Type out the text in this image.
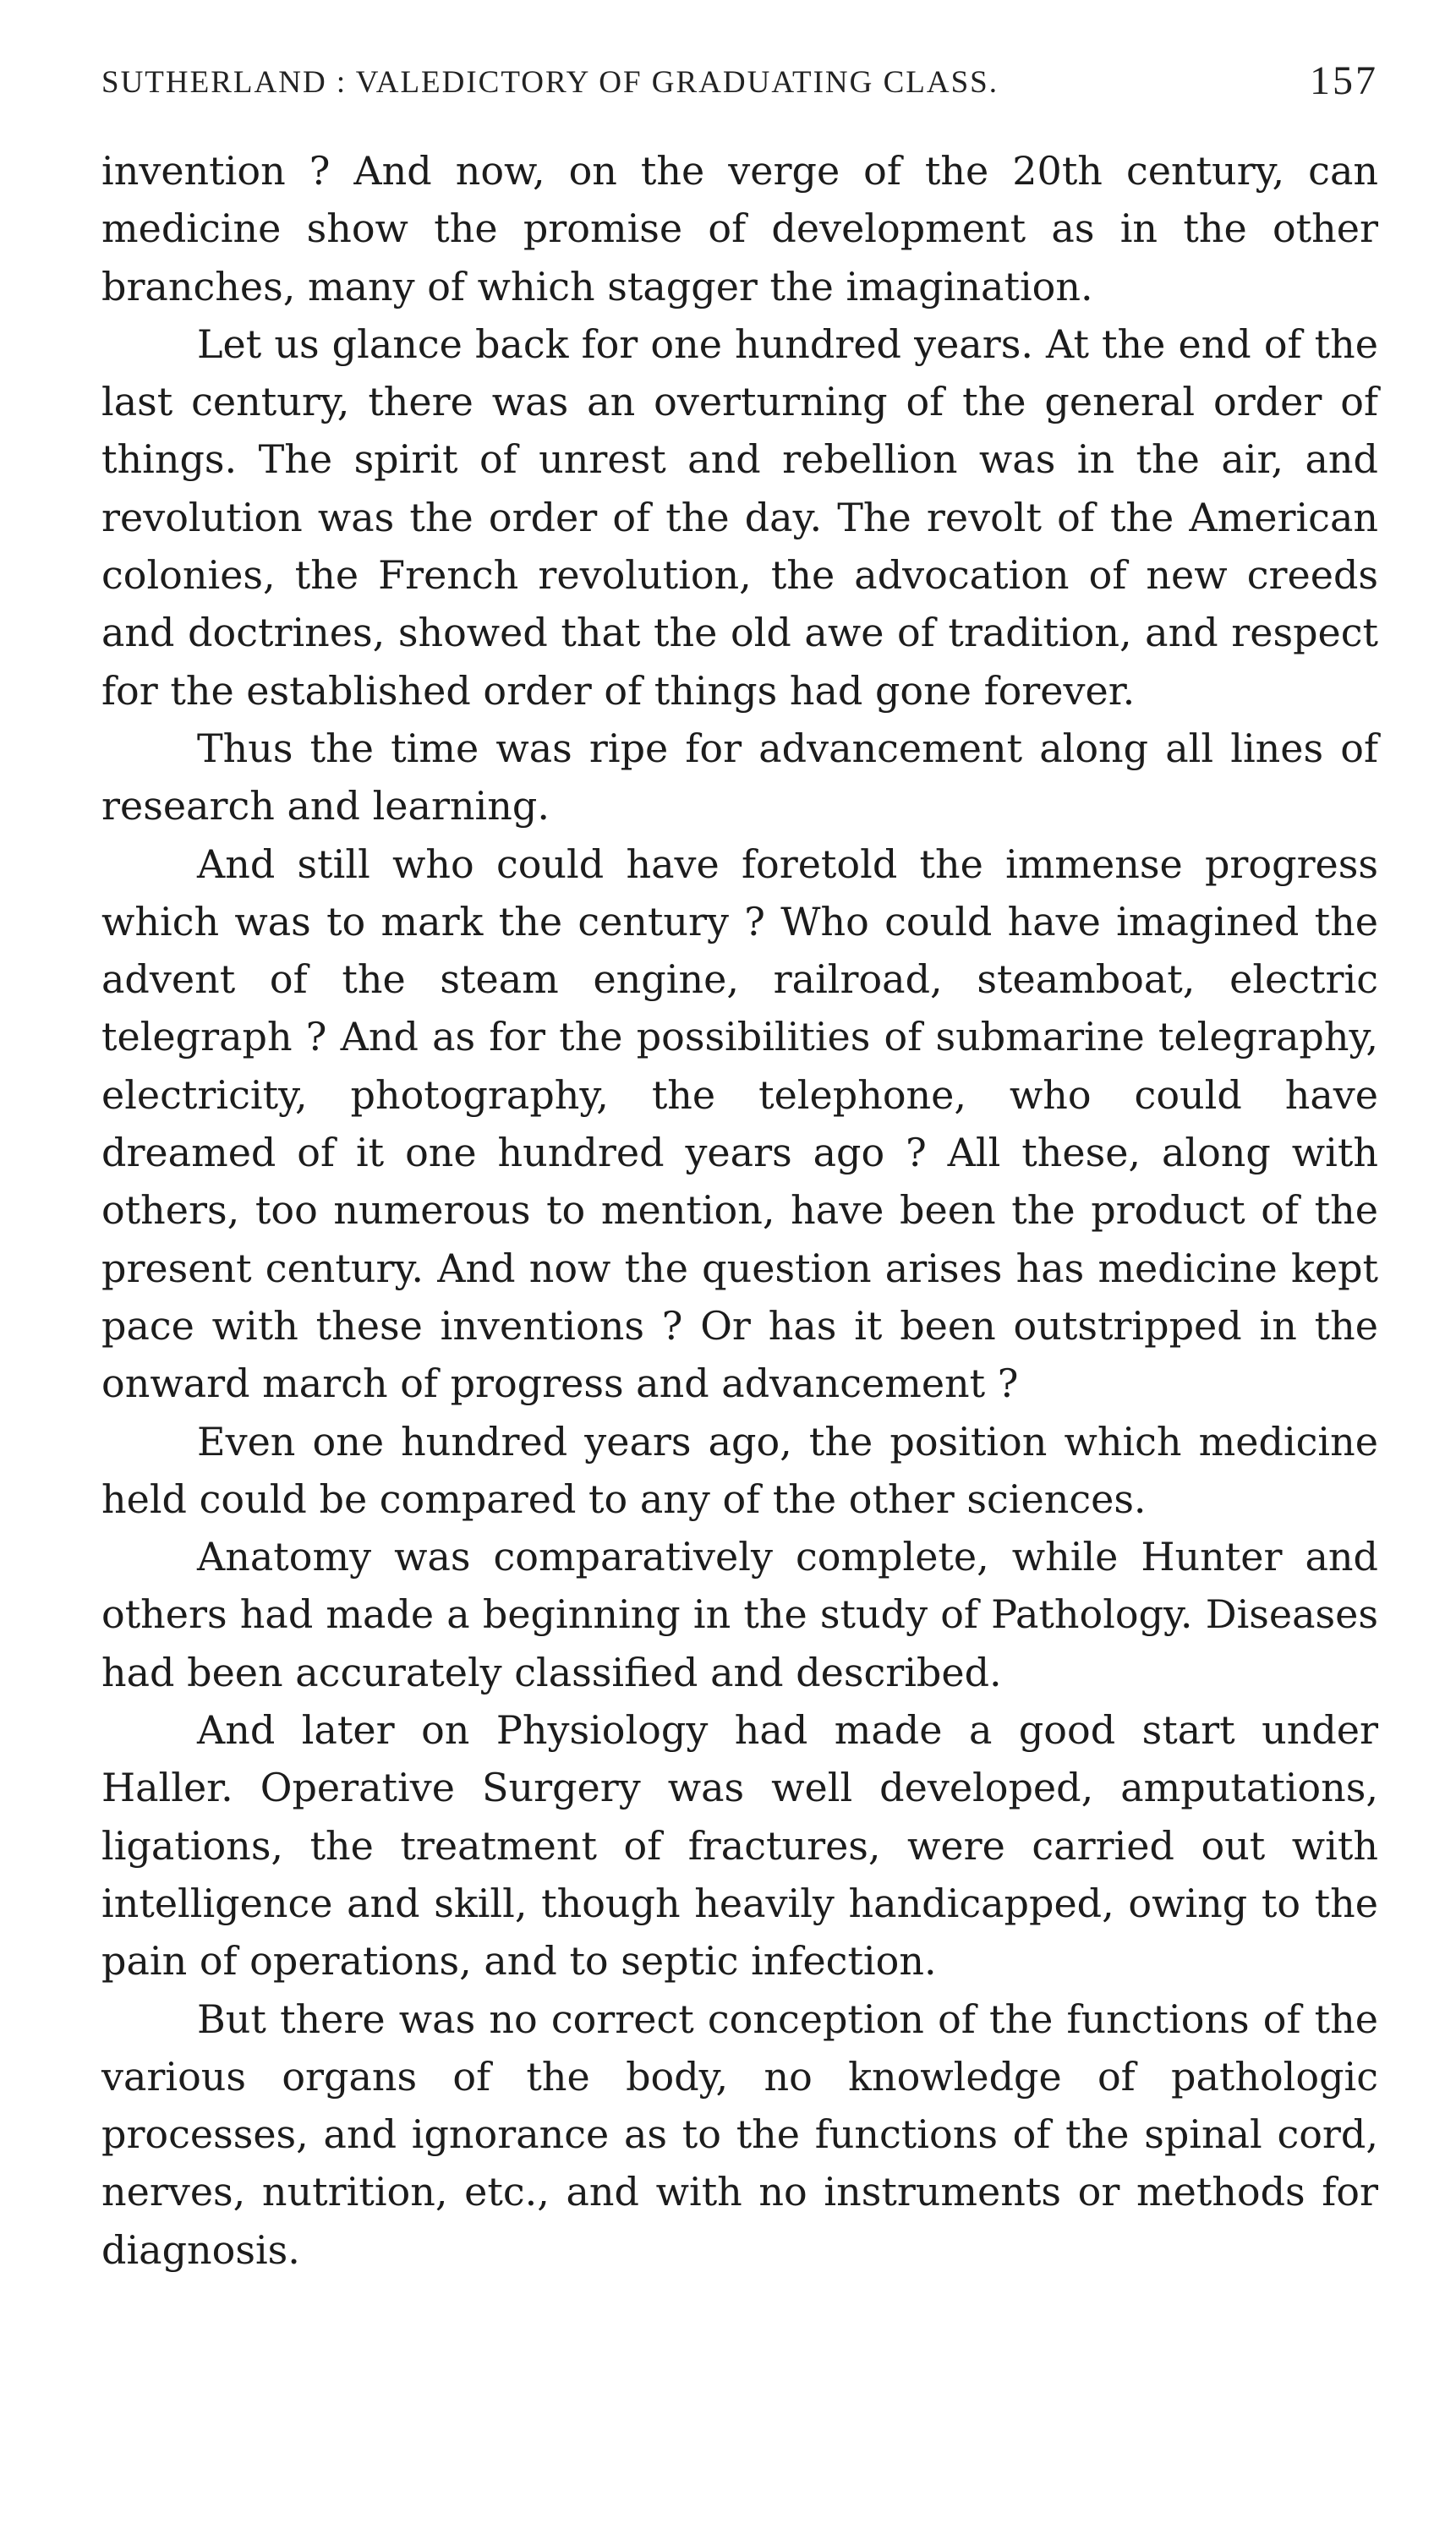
SUTHERLAND : VALEDICTORY OF GRADUATING CLASS.	157

invention ? And now, on the verge of the 20th century, can medicine show the promise of development as in the other branches, many of which stagger the imagination.

Let us glance back for one hundred years. At the end of the last century, there was an overturning of the general order of things. The spirit of unrest and rebellion was in the air, and revolution was the order of the day. The revolt of the American colonies, the French revolution, the advocation of new creeds and doctrines, showed that the old awe of tradition, and respect for the established order of things had gone forever.

Thus the time was ripe for advancement along all lines of research and learning.

And still who could have foretold the immense progress which was to mark the century ? Who could have imagined the advent of the steam engine, railroad, steamboat, electric telegraph ? And as for the possibilities of submarine telegraphy, electricity, photography, the telephone, who could have dreamed of it one hundred years ago ? All these, along with others, too numerous to mention, have been the product of the present century. And now the question arises has medicine kept pace with these inventions ? Or has it been outstripped in the onward march of progress and advancement ?

Even one hundred years ago, the position which medicine held could be compared to any of the other sciences.

Anatomy was comparatively complete, while Hunter and others had made a beginning in the study of Pathology. Diseases had been accurately classified and described.

And later on Physiology had made a good start under Haller. Operative Surgery was well developed, amputations, ligations, the treatment of fractures, were carried out with intelligence and skill, though heavily handicapped, owing to the pain of operations, and to septic infection.

But there was no correct conception of the functions of the various organs of the body, no knowledge of pathologic processes, and ignorance as to the functions of the spinal cord, nerves, nutrition, etc., and with no instruments or methods for diagnosis.
